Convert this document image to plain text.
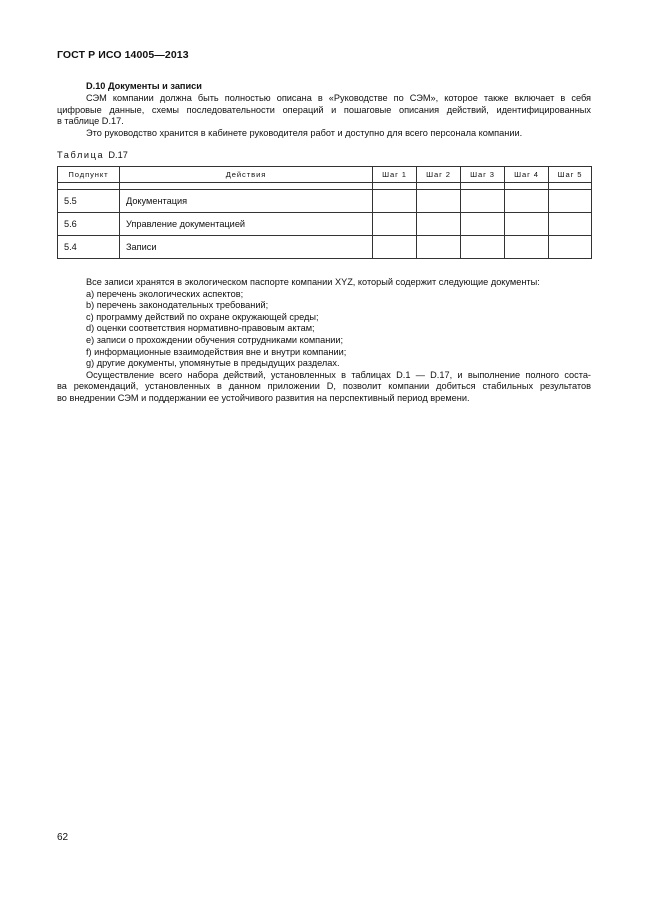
ГОСТ Р ИСО 14005—2013
D.10 Документы и записи
СЭМ компании должна быть полностью описана в «Руководстве по СЭМ», которое также включает в себя
цифровые данные, схемы последовательности операций и пошаговые описания действий, идентифицированных
в таблице D.17.
Это руководство хранится в кабинете руководителя работ и доступно для всего персонала компании.
Таблица D.17
Подпункт	Действия	Шаг 1	Шаг 2	Шаг 3	Шаг 4	Шаг 5

5.5	Документация					
5.6	Управление документацией					
5.4	Записи					
Все записи хранятся в экологическом паспорте компании XYZ, который содержит следующие документы:
a) перечень экологических аспектов;
b) перечень законодательных требований;
c) программу действий по охране окружающей среды;
d) оценки соответствия нормативно-правовым актам;
e) записи о прохождении обучения сотрудниками компании;
f) информационные взаимодействия вне и внутри компании;
g) другие документы, упомянутые в предыдущих разделах.
Осуществление всего набора действий, установленных в таблицах D.1 — D.17, и выполнение полного соста-
ва рекомендаций, установленных в данном приложении D, позволит компании добиться стабильных результатов
во внедрении СЭМ и поддержании ее устойчивого развития на перспективный период времени.
62
